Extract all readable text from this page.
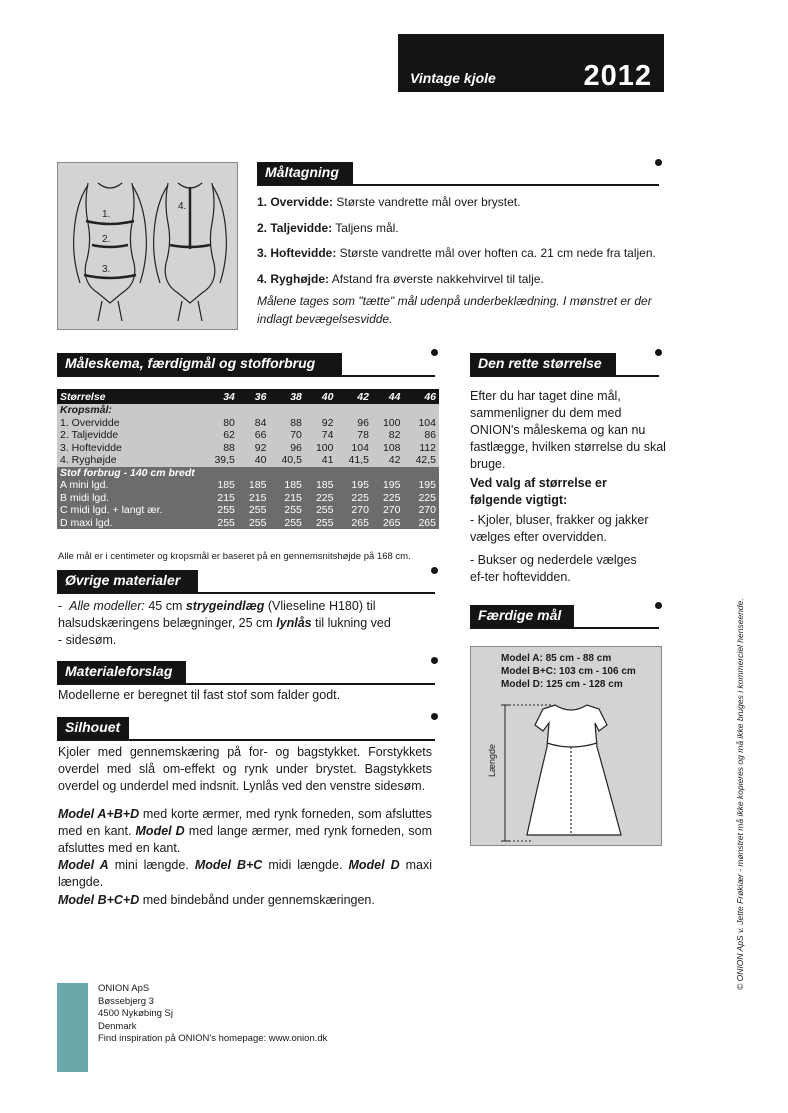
Vintage kjole	2012
1.
2.
3.
4.
Måltagning
1. Overvidde: Største vandrette mål over brystet.
2. Taljevidde: Taljens mål.
3. Hoftevidde: Største vandrette mål over hoften ca. 21 cm nede fra taljen.
4. Ryghøjde: Afstand fra øverste nakkehvirvel til talje.
Målene tages som "tætte" mål udenpå underbeklædning. I mønstret er der indlagt bevægelsesvidde.
Måleskema, færdigmål og stofforbrug
Størrelse	34	36	38	40	42	44	46
Kropsmål:							
1. Overvidde	80	84	88	92	96	100	104
2. Taljevidde	62	66	70	74	78	82	86
3. Hoftevidde	88	92	96	100	104	108	112
4. Ryghøjde	39,5	40	40,5	41	41,5	42	42,5
Stof forbrug - 140 cm bredt							
A mini lgd.	185	185	185	185	195	195	195
B midi lgd.	215	215	215	225	225	225	225
C midi lgd. + langt ær.	255	255	255	255	270	270	270
D maxi lgd.	255	255	255	255	265	265	265
Alle mål er i centimeter og kropsmål er baseret på en gennemsnitshøjde på 168 cm.
Den rette størrelse
Efter du har taget dine mål, sammenligner du dem med ONION's måleskema og kan nu fastlægge, hvilken størrelse du skal bruge.
Ved valg af størrelse er følgende vigtigt:
- Kjoler, bluser, frakker og jakker vælges efter overvidden.
- Bukser og nederdele vælges ef-ter hoftevidden.
Øvrige materialer
-  Alle modeller: 45 cm strygeindlæg (Vlieseline H180) til halsudskæringens belægninger, 25 cm lynlås til lukning ved
- sidesøm.
Materialeforslag
Modellerne er beregnet til fast stof som falder godt.
Silhouet
Kjoler med gennemskæring på for- og bagstykket. Forstykkets overdel med slå om-effekt og rynk under brystet. Bagstykkets overdel og underdel med indsnit. Lynlås ved den venstre sidesøm.
Model A+B+D med korte ærmer, med rynk forneden, som afsluttes med en kant. Model D med lange ærmer, med rynk forneden, som afsluttes med en kant.
Model A mini længde. Model B+C midi længde. Model D maxi længde.
Model B+C+D med bindebånd under gennemskæringen.
Færdige mål
Model A: 85 cm - 88 cm
Model B+C: 103 cm - 106 cm
Model D: 125 cm - 128 cm
Længde
ONION ApS
Bøssebjerg 3
4500 Nykøbing Sj
Denmark
Find inspiration på ONION's homepage: www.onion.dk
© ONION ApS v. Jette Frøkiær - mønstret må ikke kopieres og må ikke bruges i kommerciel henseende.
